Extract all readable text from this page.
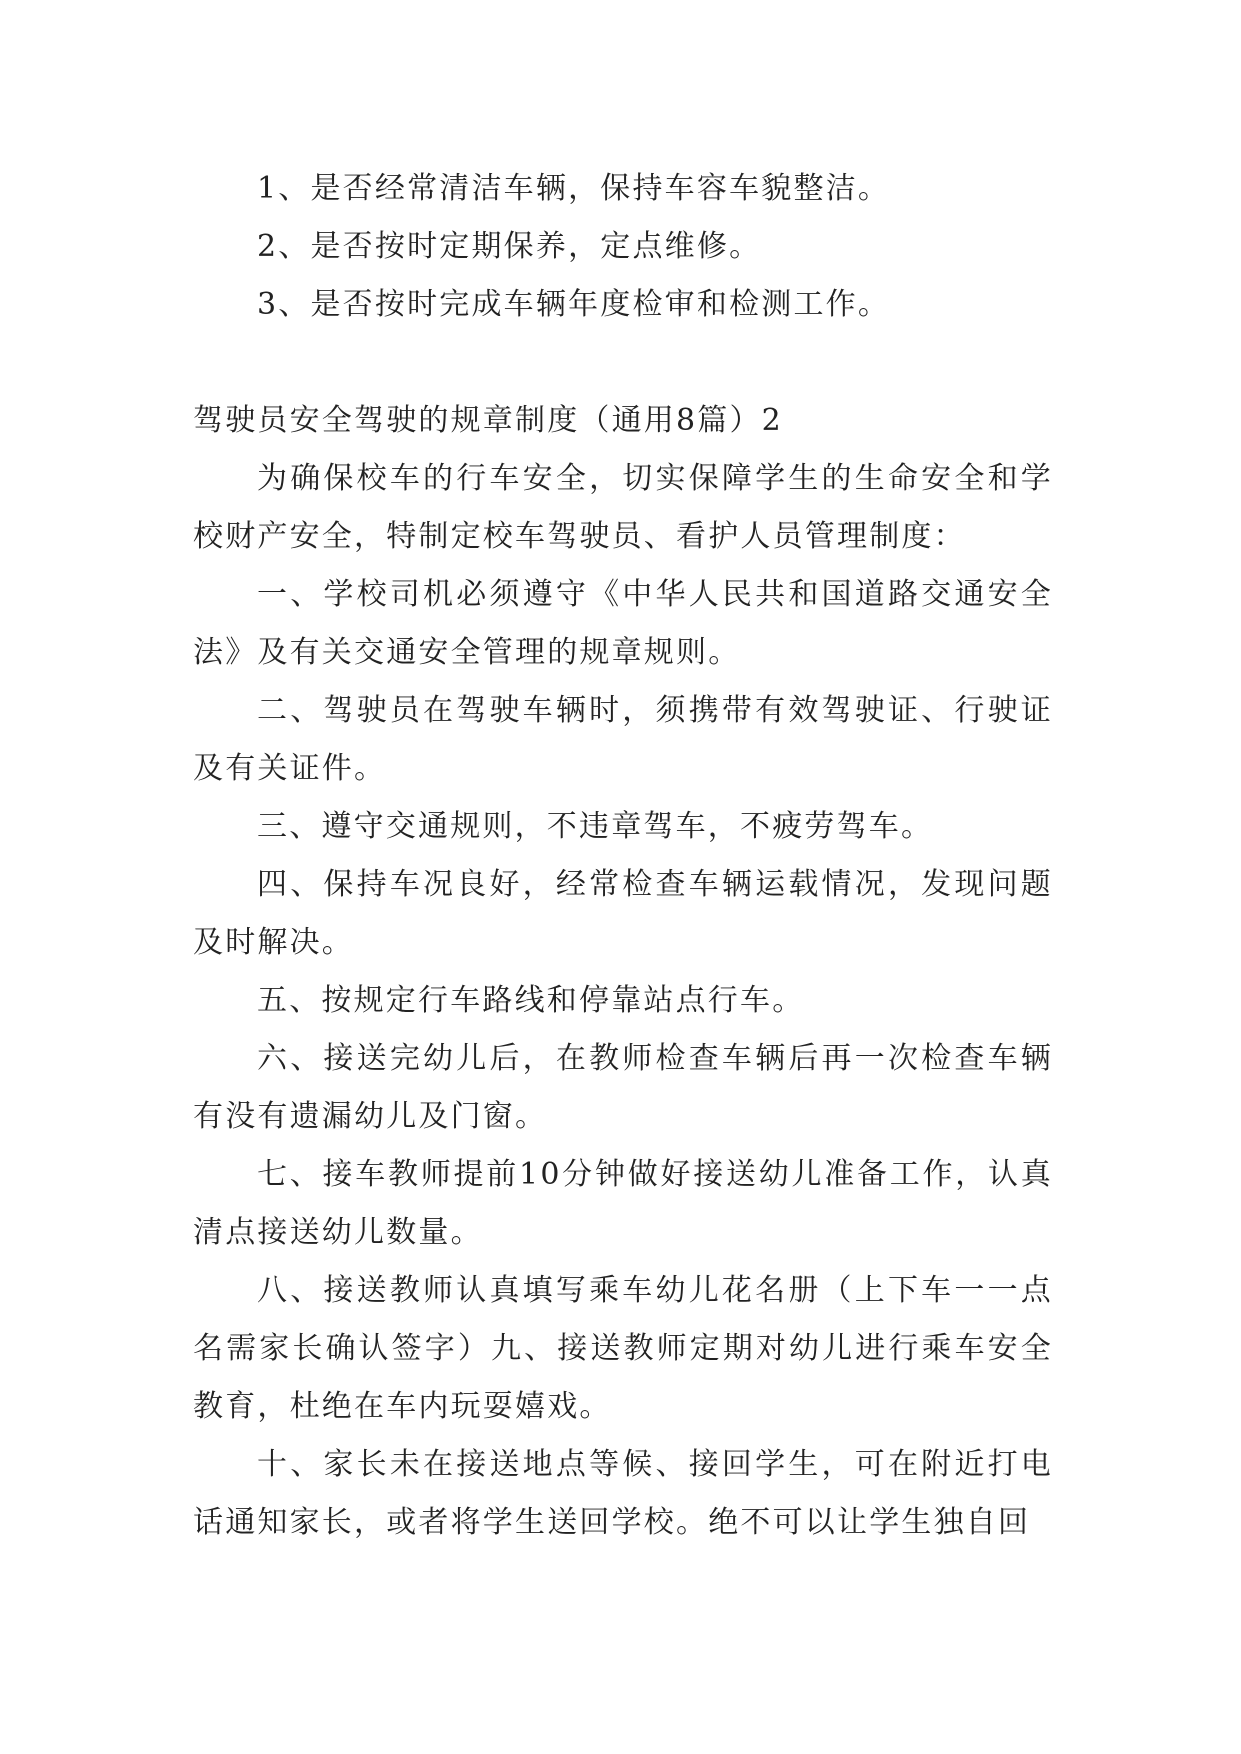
1、是否经常清洁车辆，保持车容车貌整洁。

2、是否按时定期保养，定点维修。

3、是否按时完成车辆年度检审和检测工作。

驾驶员安全驾驶的规章制度（通用8篇）2

为确保校车的行车安全，切实保障学生的生命安全和学校财产安全，特制定校车驾驶员、看护人员管理制度：

一、学校司机必须遵守《中华人民共和国道路交通安全法》及有关交通安全管理的规章规则。

二、驾驶员在驾驶车辆时，须携带有效驾驶证、行驶证及有关证件。

三、遵守交通规则，不违章驾车，不疲劳驾车。

四、保持车况良好，经常检查车辆运载情况，发现问题及时解决。

五、按规定行车路线和停靠站点行车。

六、接送完幼儿后，在教师检查车辆后再一次检查车辆有没有遗漏幼儿及门窗。

七、接车教师提前10分钟做好接送幼儿准备工作，认真清点接送幼儿数量。

八、接送教师认真填写乘车幼儿花名册（上下车一一点名需家长确认签字）九、接送教师定期对幼儿进行乘车安全教育，杜绝在车内玩耍嬉戏。

十、家长未在接送地点等候、接回学生，可在附近打电话通知家长，或者将学生送回学校。绝不可以让学生独自回
